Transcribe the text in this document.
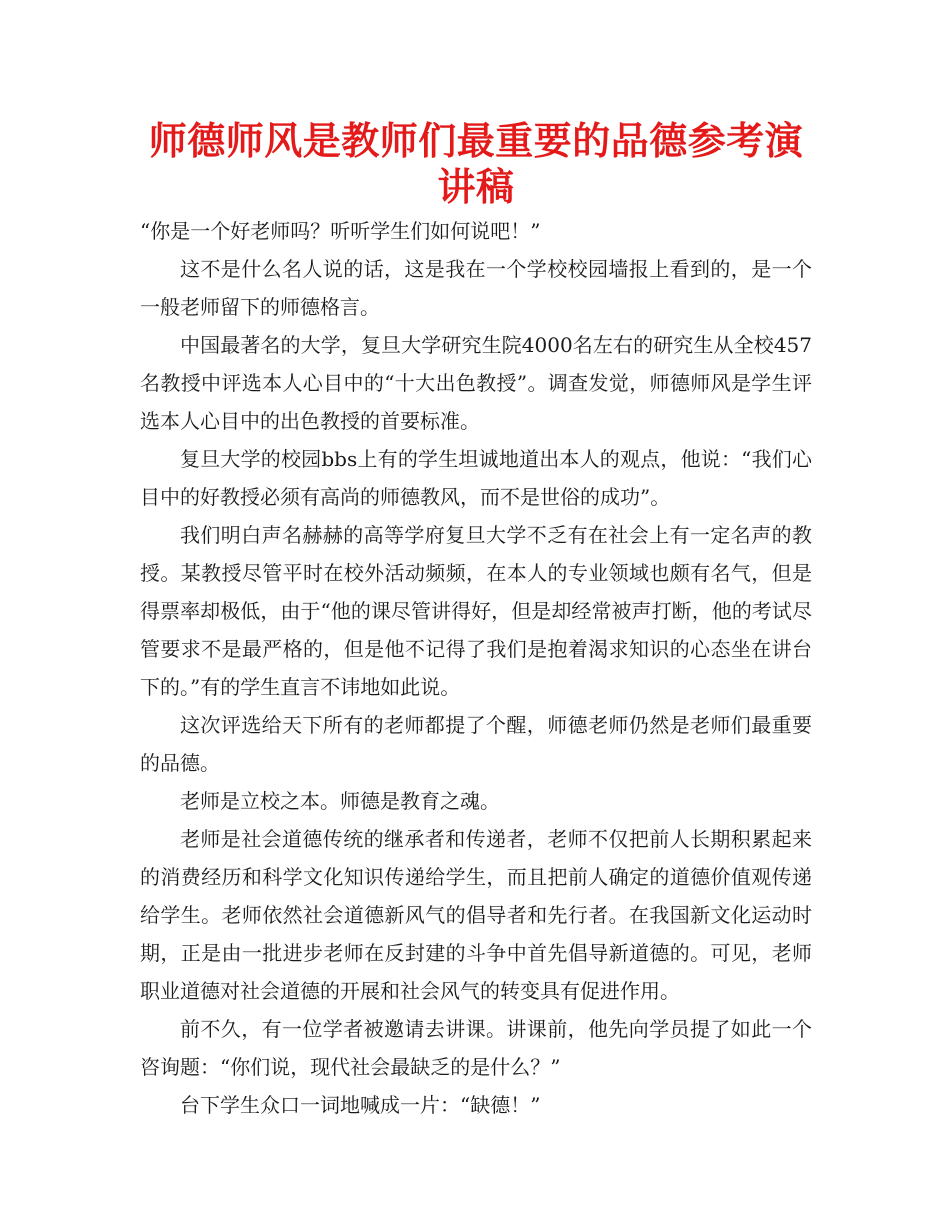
师德师风是教师们最重要的品德参考演讲稿

“你是一个好老师吗？听听学生们如何说吧！”

这不是什么名人说的话，这是我在一个学校校园墙报上看到的，是一个一般老师留下的师德格言。

中国最著名的大学，复旦大学研究生院4000名左右的研究生从全校457名教授中评选本人心目中的“十大出色教授”。调查发觉，师德师风是学生评选本人心目中的出色教授的首要标准。

复旦大学的校园bbs上有的学生坦诚地道出本人的观点，他说：“我们心目中的好教授必须有高尚的师德教风，而不是世俗的成功”。

我们明白声名赫赫的高等学府复旦大学不乏有在社会上有一定名声的教授。某教授尽管平时在校外活动频频，在本人的专业领域也颇有名气，但是得票率却极低，由于“他的课尽管讲得好，但是却经常被声打断，他的考试尽管要求不是最严格的，但是他不记得了我们是抱着渴求知识的心态坐在讲台下的。”有的学生直言不讳地如此说。

这次评选给天下所有的老师都提了个醒，师德老师仍然是老师们最重要的品德。

老师是立校之本。师德是教育之魂。

老师是社会道德传统的继承者和传递者，老师不仅把前人长期积累起来的消费经历和科学文化知识传递给学生，而且把前人确定的道德价值观传递给学生。老师依然社会道德新风气的倡导者和先行者。在我国新文化运动时期，正是由一批进步老师在反封建的斗争中首先倡导新道德的。可见，老师职业道德对社会道德的开展和社会风气的转变具有促进作用。

前不久，有一位学者被邀请去讲课。讲课前，他先向学员提了如此一个咨询题：“你们说，现代社会最缺乏的是什么？”

台下学生众口一词地喊成一片：“缺德！”
